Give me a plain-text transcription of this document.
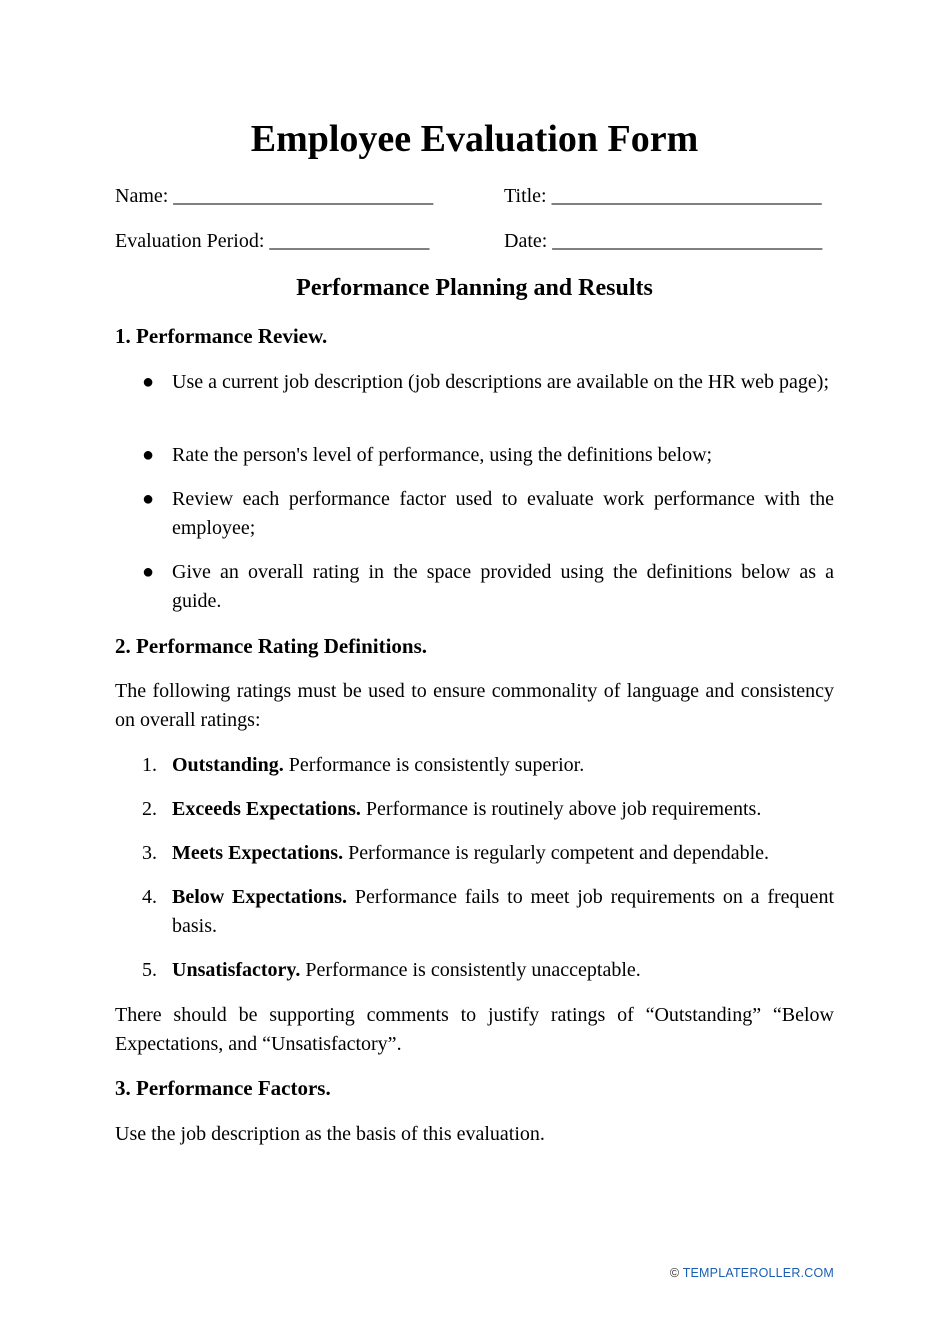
Employee Evaluation Form
Name: __________________________	Title: ___________________________
Evaluation Period: ________________	Date: ___________________________
Performance Planning and Results
1. Performance Review.
● Use a current job description (job descriptions are available on the HR web page);
● Rate the person's level of performance, using the definitions below;
● Review each performance factor used to evaluate work performance with the employee;
● Give an overall rating in the space provided using the definitions below as a guide.
2. Performance Rating Definitions.
The following ratings must be used to ensure commonality of language and consistency on overall ratings:
1. Outstanding. Performance is consistently superior.
2. Exceeds Expectations. Performance is routinely above job requirements.
3. Meets Expectations. Performance is regularly competent and dependable.
4. Below Expectations. Performance fails to meet job requirements on a frequent basis.
5. Unsatisfactory. Performance is consistently unacceptable.
There should be supporting comments to justify ratings of “Outstanding” “Below Expectations, and “Unsatisfactory”.
3. Performance Factors.
Use the job description as the basis of this evaluation.
© TEMPLATEROLLER.COM
